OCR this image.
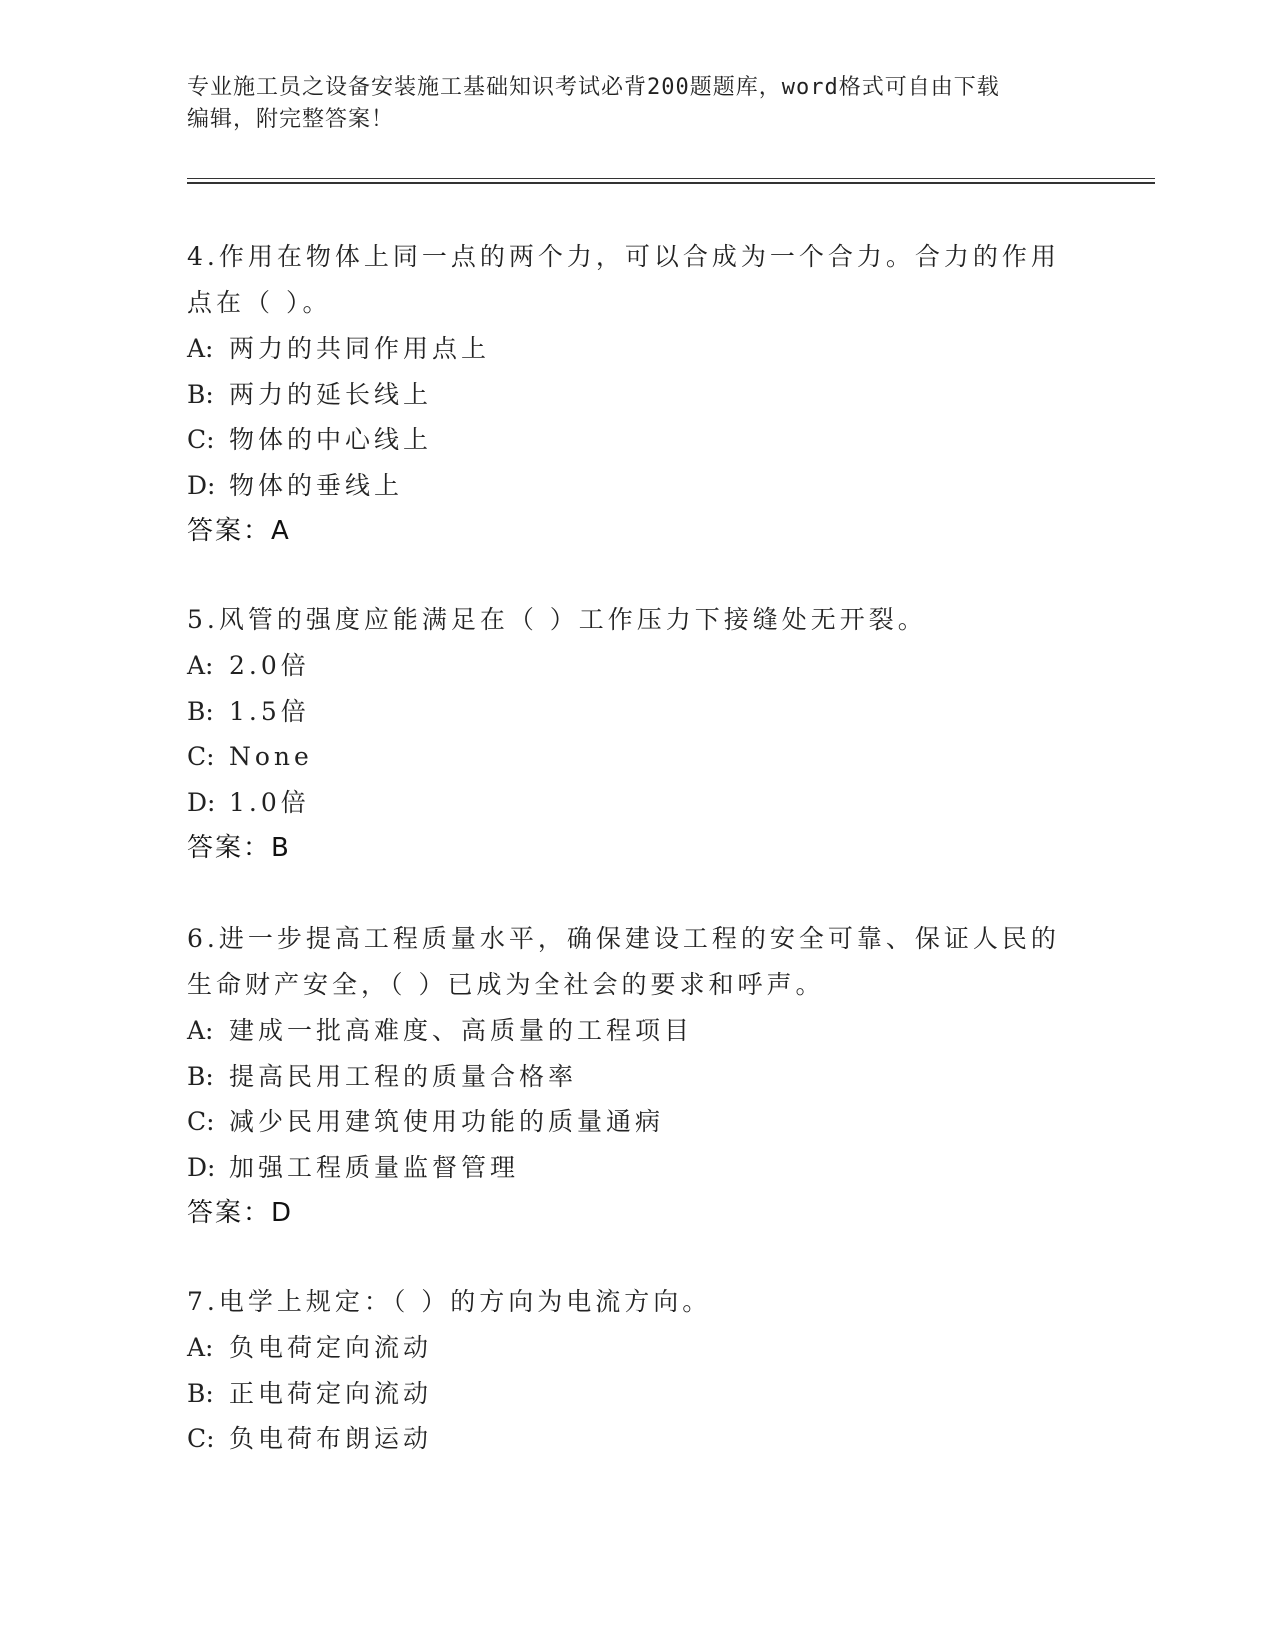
专业施工员之设备安装施工基础知识考试必背200题题库，word格式可自由下载
编辑，附完整答案！
4.作用在物体上同一点的两个力，可以合成为一个合力。合力的作用
点在（ ）。
A: 两力的共同作用点上
B: 两力的延长线上
C: 物体的中心线上
D: 物体的垂线上
答案：A
5.风管的强度应能满足在（ ）工作压力下接缝处无开裂。
A: 2.0倍
B: 1.5倍
C: None
D: 1.0倍
答案：B
6.进一步提高工程质量水平，确保建设工程的安全可靠、保证人民的
生命财产安全，（ ）已成为全社会的要求和呼声。
A: 建成一批高难度、高质量的工程项目
B: 提高民用工程的质量合格率
C: 减少民用建筑使用功能的质量通病
D: 加强工程质量监督管理
答案：D
7.电学上规定：（ ）的方向为电流方向。
A: 负电荷定向流动
B: 正电荷定向流动
C: 负电荷布朗运动
